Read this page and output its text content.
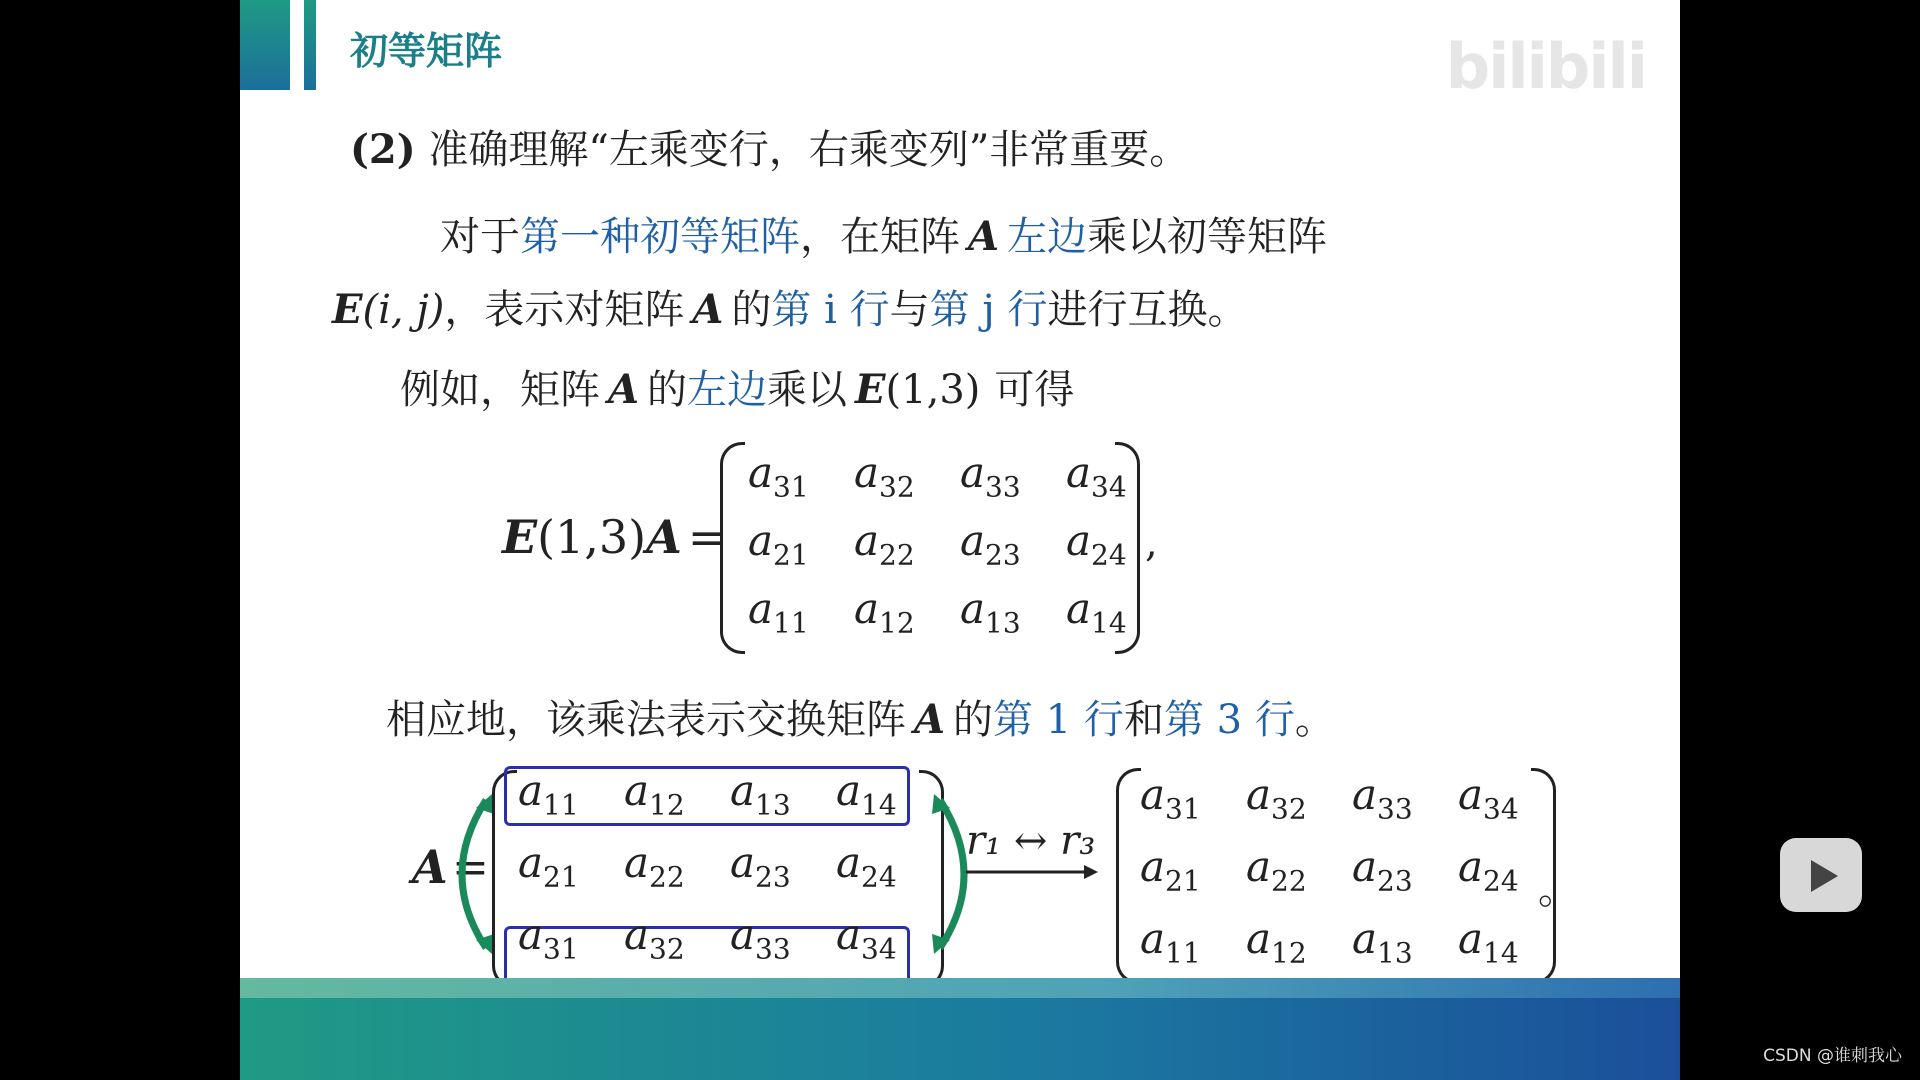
初等矩阵	bilibili
(2) 准确理解“左乘变行，右乘变列”非常重要。
对于第一种初等矩阵，在矩阵 A 左边乘以初等矩阵
E(i, j)，表示对矩阵 A 的第 i 行与第 j 行进行互换。
例如，矩阵 A 的左边乘以 E(1,3) 可得
E(1,3)A =
$a_{31}$ $a_{32}$ $a_{33}$ $a_{34}$
$a_{21}$ $a_{22}$ $a_{23}$ $a_{24}$
$a_{11}$ $a_{12}$ $a_{13}$ $a_{14}$
,
相应地，该乘法表示交换矩阵 A 的第 1 行和第 3 行。
A =
$a_{11}$ $a_{12}$ $a_{13}$ $a_{14}$
$a_{21}$ $a_{22}$ $a_{23}$ $a_{24}$
$a_{31}$ $a_{32}$ $a_{33}$ $a_{34}$
r₁ ↔ r₃
$a_{31}$ $a_{32}$ $a_{33}$ $a_{34}$
$a_{21}$ $a_{22}$ $a_{23}$ $a_{24}$
$a_{11}$ $a_{12}$ $a_{13}$ $a_{14}$
。
CSDN @谁刺我心
